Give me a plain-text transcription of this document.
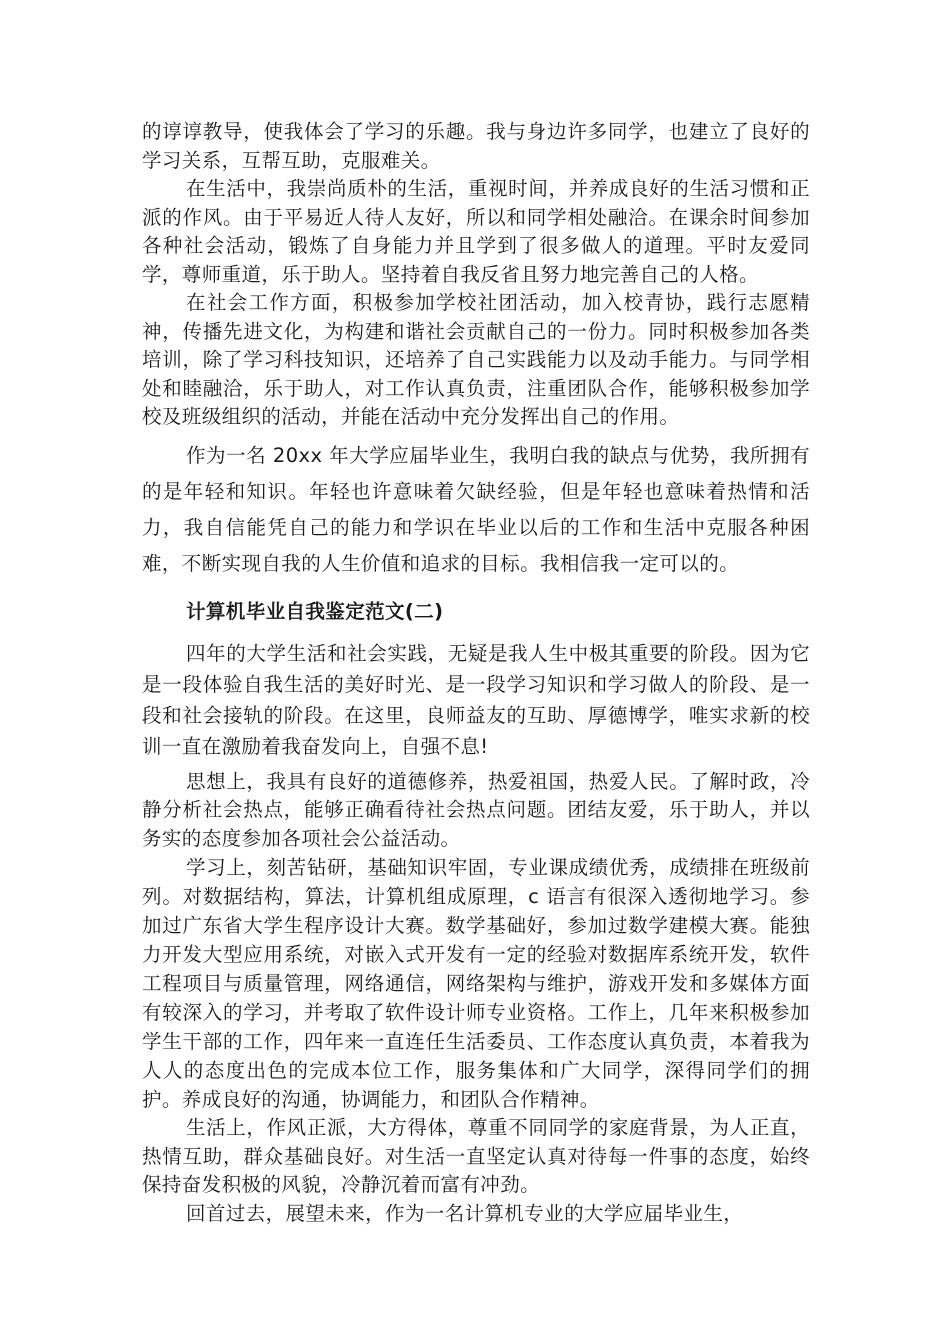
的谆谆教导，使我体会了学习的乐趣。我与身边许多同学，也建立了良好的学习关系，互帮互助，克服难关。

在生活中，我崇尚质朴的生活，重视时间，并养成良好的生活习惯和正派的作风。由于平易近人待人友好，所以和同学相处融洽。在课余时间参加各种社会活动，锻炼了自身能力并且学到了很多做人的道理。平时友爱同学，尊师重道，乐于助人。坚持着自我反省且努力地完善自己的人格。

在社会工作方面，积极参加学校社团活动，加入校青协，践行志愿精神，传播先进文化，为构建和谐社会贡献自己的一份力。同时积极参加各类培训，除了学习科技知识，还培养了自己实践能力以及动手能力。与同学相处和睦融洽，乐于助人，对工作认真负责，注重团队合作，能够积极参加学校及班级组织的活动，并能在活动中充分发挥出自己的作用。

作为一名 20xx 年大学应届毕业生，我明白我的缺点与优势，我所拥有的是年轻和知识。年轻也许意味着欠缺经验，但是年轻也意味着热情和活力，我自信能凭自己的能力和学识在毕业以后的工作和生活中克服各种困难，不断实现自我的人生价值和追求的目标。我相信我一定可以的。

计算机毕业自我鉴定范文(二)

四年的大学生活和社会实践，无疑是我人生中极其重要的阶段。因为它是一段体验自我生活的美好时光、是一段学习知识和学习做人的阶段、是一段和社会接轨的阶段。在这里，良师益友的互助、厚德博学，唯实求新的校训一直在激励着我奋发向上，自强不息!

思想上，我具有良好的道德修养，热爱祖国，热爱人民。了解时政，冷静分析社会热点，能够正确看待社会热点问题。团结友爱，乐于助人，并以务实的态度参加各项社会公益活动。

学习上，刻苦钻研，基础知识牢固，专业课成绩优秀，成绩排在班级前列。对数据结构，算法，计算机组成原理，c 语言有很深入透彻地学习。参加过广东省大学生程序设计大赛。数学基础好，参加过数学建模大赛。能独力开发大型应用系统，对嵌入式开发有一定的经验对数据库系统开发，软件工程项目与质量管理，网络通信，网络架构与维护，游戏开发和多媒体方面有较深入的学习，并考取了软件设计师专业资格。工作上，几年来积极参加学生干部的工作，四年来一直连任生活委员、工作态度认真负责，本着我为人人的态度出色的完成本位工作，服务集体和广大同学，深得同学们的拥护。养成良好的沟通，协调能力，和团队合作精神。

生活上，作风正派，大方得体，尊重不同同学的家庭背景，为人正直，热情互助，群众基础良好。对生活一直坚定认真对待每一件事的态度，始终保持奋发积极的风貌，冷静沉着而富有冲劲。

回首过去，展望未来，作为一名计算机专业的大学应届毕业生，
